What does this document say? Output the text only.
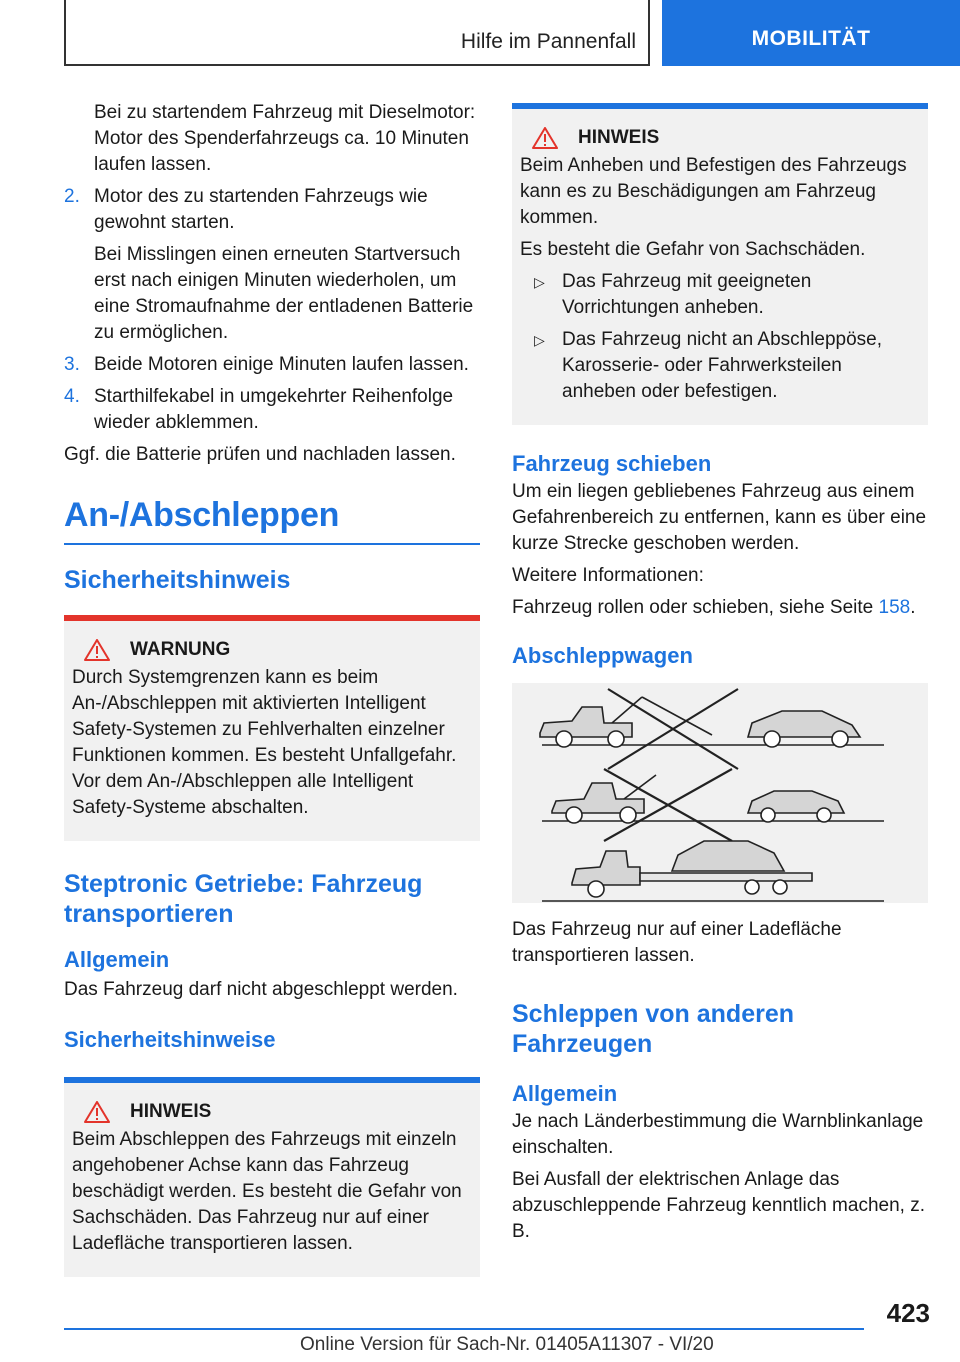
Hilfe im Pannenfall	MOBILITÄT

Bei zu startendem Fahrzeug mit Dieselmotor: Motor des Spenderfahrzeugs ca. 10 Minuten laufen lassen.

2. Motor des zu startenden Fahrzeugs wie gewohnt starten.

Bei Misslingen einen erneuten Startversuch erst nach einigen Minuten wiederholen, um eine Stromaufnahme der entladenen Batterie zu ermöglichen.

3. Beide Motoren einige Minuten laufen lassen.
4. Starthilfekabel in umgekehrter Reihenfolge wieder abklemmen.

Ggf. die Batterie prüfen und nachladen lassen.

An-/Abschleppen
Sicherheitshinweis
WARNUNG

Durch Systemgrenzen kann es beim An-/Abschleppen mit aktivierten Intelligent Safety-Systemen zu Fehlverhalten einzelner Funktionen kommen. Es besteht Unfallgefahr. Vor dem An-/Abschleppen alle Intelligent Safety-Systeme abschalten.

Steptronic Getriebe: Fahrzeug transportieren
Allgemein

Das Fahrzeug darf nicht abgeschleppt werden.

Sicherheitshinweise
HINWEIS

Beim Abschleppen des Fahrzeugs mit einzeln angehobener Achse kann das Fahrzeug beschädigt werden. Es besteht die Gefahr von Sachschäden. Das Fahrzeug nur auf einer Ladefläche transportieren lassen.

HINWEIS

Beim Anheben und Befestigen des Fahrzeugs kann es zu Beschädigungen am Fahrzeug kommen.

Es besteht die Gefahr von Sachschäden.

▷ Das Fahrzeug mit geeigneten Vorrichtungen anheben.
▷ Das Fahrzeug nicht an Abschleppöse, Karosserie- oder Fahrwerksteilen anheben oder befestigen.
Fahrzeug schieben

Um ein liegen gebliebenes Fahrzeug aus einem Gefahrenbereich zu entfernen, kann es über eine kurze Strecke geschoben werden.

Weitere Informationen:

Fahrzeug rollen oder schieben, siehe Seite 158.

Abschleppwagen

Das Fahrzeug nur auf einer Ladefläche transportieren lassen.

Schleppen von anderen Fahrzeugen
Allgemein

Je nach Länderbestimmung die Warnblinkanlage einschalten.

Bei Ausfall der elektrischen Anlage das abzuschleppende Fahrzeug kenntlich machen, z. B.

423
Online Version für Sach-Nr. 01405A11307 - VI/20
